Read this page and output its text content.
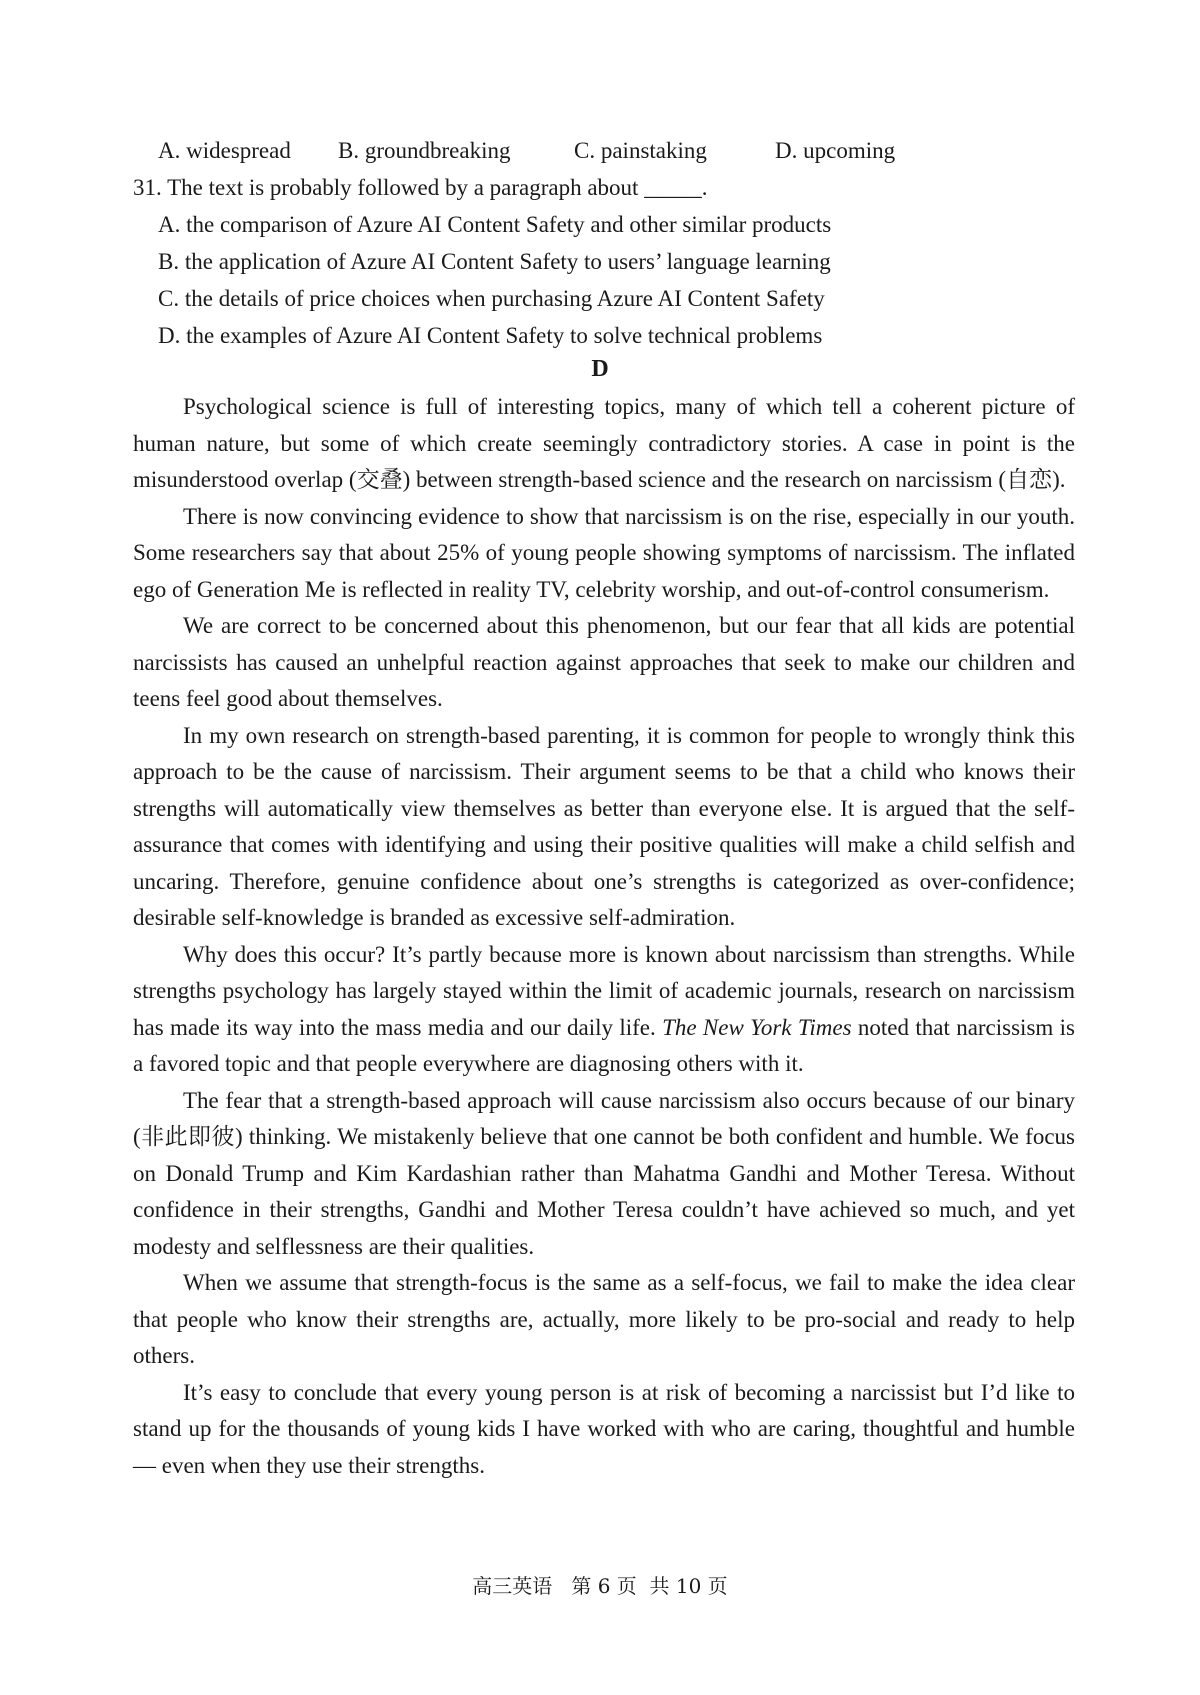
A. widespread B. groundbreaking	C. painstaking	D. upcoming
31. The text is probably followed by a paragraph about _____.
A. the comparison of Azure AI Content Safety and other similar products
B. the application of Azure AI Content Safety to users’ language learning
C. the details of price choices when purchasing Azure AI Content Safety
D. the examples of Azure AI Content Safety to solve technical problems
D

Psychological science is full of interesting topics, many of which tell a coherent picture of human nature, but some of which create seemingly contradictory stories. A case in point is the misunderstood overlap (交叠) between strength-based science and the research on narcissism (自恋).

There is now convincing evidence to show that narcissism is on the rise, especially in our youth. Some researchers say that about 25% of young people showing symptoms of narcissism. The inflated ego of Generation Me is reflected in reality TV, celebrity worship, and out-of-control consumerism.

We are correct to be concerned about this phenomenon, but our fear that all kids are potential narcissists has caused an unhelpful reaction against approaches that seek to make our children and teens feel good about themselves.

In my own research on strength-based parenting, it is common for people to wrongly think this approach to be the cause of narcissism. Their argument seems to be that a child who knows their strengths will automatically view themselves as better than everyone else. It is argued that the self-assurance that comes with identifying and using their positive qualities will make a child selfish and uncaring. Therefore, genuine confidence about one’s strengths is categorized as over-confidence; desirable self-knowledge is branded as excessive self-admiration.

Why does this occur? It’s partly because more is known about narcissism than strengths. While strengths psychology has largely stayed within the limit of academic journals, research on narcissism has made its way into the mass media and our daily life. The New York Times noted that narcissism is a favored topic and that people everywhere are diagnosing others with it.

The fear that a strength-based approach will cause narcissism also occurs because of our binary (非此即彼) thinking. We mistakenly believe that one cannot be both confident and humble. We focus on Donald Trump and Kim Kardashian rather than Mahatma Gandhi and Mother Teresa. Without confidence in their strengths, Gandhi and Mother Teresa couldn’t have achieved so much, and yet modesty and selflessness are their qualities.

When we assume that strength-focus is the same as a self-focus, we fail to make the idea clear that people who know their strengths are, actually, more likely to be pro-social and ready to help others.

It’s easy to conclude that every young person is at risk of becoming a narcissist but I’d like to stand up for the thousands of young kids I have worked with who are caring, thoughtful and humble — even when they use their strengths.

高三英语   第 6 页  共 10 页
